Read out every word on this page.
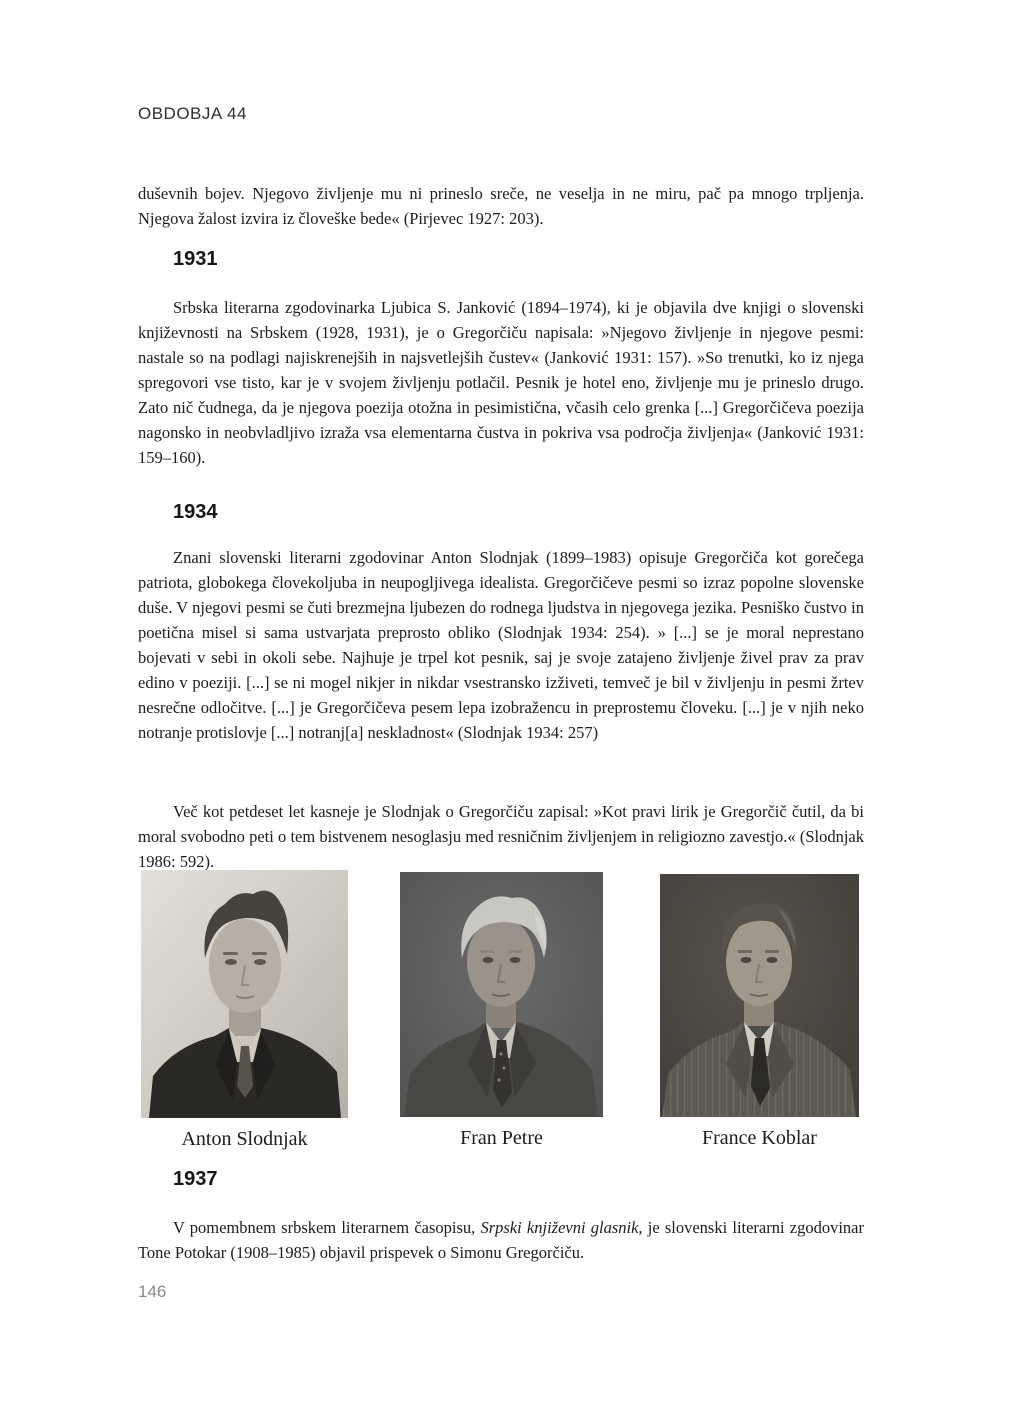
OBDOBJA 44

duševnih bojev. Njegovo življenje mu ni prineslo sreče, ne veselja in ne miru, pač pa mnogo trpljenja. Njegova žalost izvira iz človeške bede« (Pirjevec 1927: 203).

1931

Srbska literarna zgodovinarka Ljubica S. Janković (1894–1974), ki je objavila dve knjigi o slovenski književnosti na Srbskem (1928, 1931), je o Gregorčiču napisala: »Njegovo življenje in njegove pesmi: nastale so na podlagi najiskrenejših in najsvetlejših čustev« (Janković 1931: 157). »So trenutki, ko iz njega spregovori vse tisto, kar je v svojem življenju potlačil. Pesnik je hotel eno, življenje mu je prineslo drugo. Zato nič čudnega, da je njegova poezija otožna in pesimistična, včasih celo grenka [...] Gregorčičeva poezija nagonsko in neobvladljivo izraža vsa elementarna čustva in pokriva vsa področja življenja« (Janković 1931: 159–160).

1934

Znani slovenski literarni zgodovinar Anton Slodnjak (1899–1983) opisuje Gregorčiča kot gorečega patriota, globokega človekoljuba in neupogljivega idealista. Gregorčičeve pesmi so izraz popolne slovenske duše. V njegovi pesmi se čuti brezmejna ljubezen do rodnega ljudstva in njegovega jezika. Pesniško čustvo in poetična misel si sama ustvarjata preprosto obliko (Slodnjak 1934: 254). » [...] se je moral neprestano bojevati v sebi in okoli sebe. Najhuje je trpel kot pesnik, saj je svoje zatajeno življenje živel prav za prav edino v poeziji. [...] se ni mogel nikjer in nikdar vsestransko izživeti, temveč je bil v življenju in pesmi žrtev nesrečne odločitve. [...] je Gregorčičeva pesem lepa izobražencu in preprostemu človeku. [...] je v njih neko notranje protislovje [...] notranj[a] neskladnost« (Slodnjak 1934: 257)

Več kot petdeset let kasneje je Slodnjak o Gregorčiču zapisal: »Kot pravi lirik je Gregorčič čutil, da bi moral svobodno peti o tem bistvenem nesoglasju med resničnim življenjem in religiozno zavestjo.« (Slodnjak 1986: 592).

Anton Slodnjak	Fran Petre	France Koblar
1937

V pomembnem srbskem literarnem časopisu, Srpski književni glasnik, je slovenski literarni zgodovinar Tone Potokar (1908–1985) objavil prispevek o Simonu Gregorčiču.

146
